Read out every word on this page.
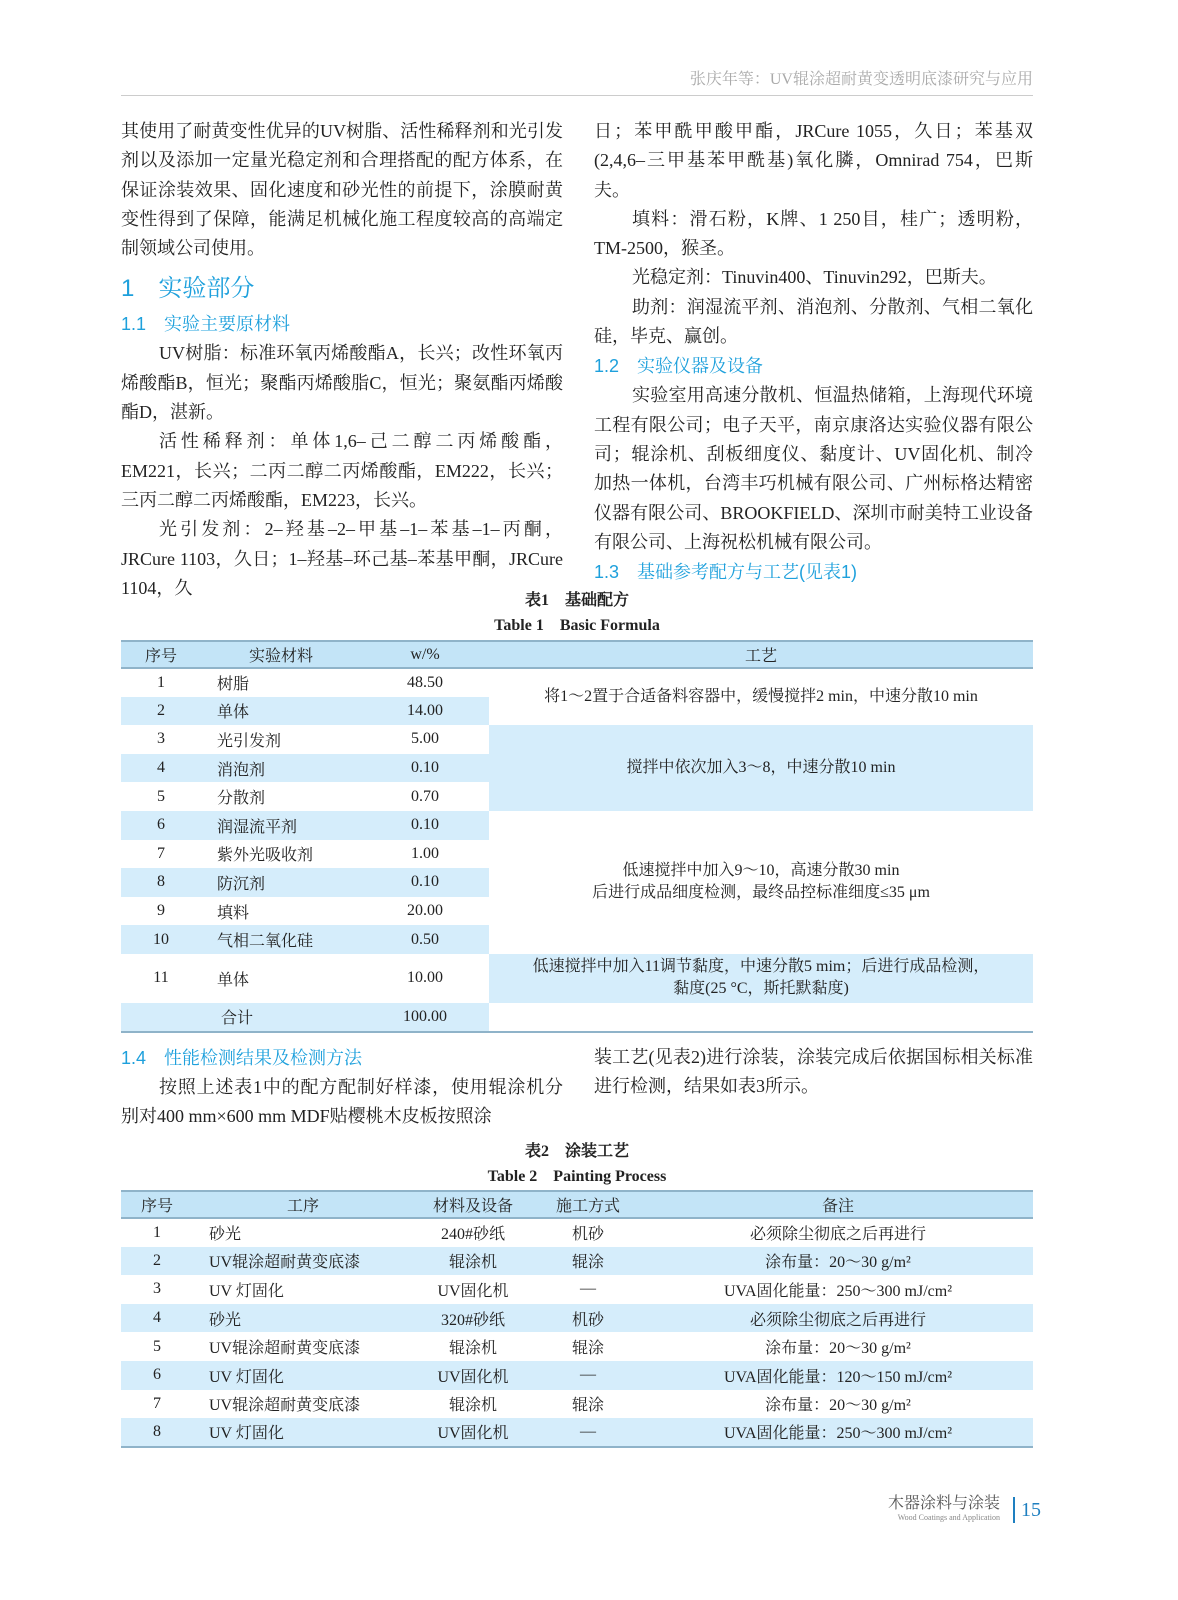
张庆年等：UV辊涂超耐黄变透明底漆研究与应用

其使用了耐黄变性优异的UV树脂、活性稀释剂和光引发剂以及添加一定量光稳定剂和合理搭配的配方体系，在保证涂装效果、固化速度和砂光性的前提下，涂膜耐黄变性得到了保障，能满足机械化施工程度较高的高端定制领域公司使用。

1　实验部分
1.1　实验主要原材料

UV树脂：标准环氧丙烯酸酯A，长兴；改性环氧丙烯酸酯B，恒光；聚酯丙烯酸脂C，恒光；聚氨酯丙烯酸酯D，湛新。

活性稀释剂：单体1,6–己二醇二丙烯酸酯，EM221，长兴；二丙二醇二丙烯酸酯，EM222，长兴；三丙二醇二丙烯酸酯，EM223，长兴。

光引发剂：2–羟基–2–甲基–1–苯基–1–丙酮，JRCure 1103，久日；1–羟基–环己基–苯基甲酮，JRCure 1104，久

日；苯甲酰甲酸甲酯，JRCure 1055，久日；苯基双(2,4,6–三甲基苯甲酰基)氧化膦，Omnirad 754，巴斯夫。

填料：滑石粉，K牌、1 250目，桂广；透明粉，TM-2500，猴圣。

光稳定剂：Tinuvin400、Tinuvin292，巴斯夫。

助剂：润湿流平剂、消泡剂、分散剂、气相二氧化硅，毕克、赢创。

1.2　实验仪器及设备

实验室用高速分散机、恒温热储箱，上海现代环境工程有限公司；电子天平，南京康洛达实验仪器有限公司；辊涂机、刮板细度仪、黏度计、UV固化机、制冷加热一体机，台湾丰巧机械有限公司、广州标格达精密仪器有限公司、BROOKFIELD、深圳市耐美特工业设备有限公司、上海祝松机械有限公司。

1.3　基础参考配方与工艺(见表1)
表1　基础配方
Table 1　Basic Formula
序号	实验材料	w/%	工艺
1	树脂	48.50	将1～2置于合适备料容器中，缓慢搅拌2 min，中速分散10 min

2	单体	14.00	
3	光引发剂	5.00	搅拌中依次加入3～8，中速分散10 min

4	消泡剂	0.10	
5	分散剂	0.70	
6	润湿流平剂	0.10	低速搅拌中加入9～10，高速分散30 min
后进行成品细度检测，最终品控标准细度≤35 μm

7	紫外光吸收剂	1.00	
8	防沉剂	0.10	
9	填料	20.00	
10	气相二氧化硅	0.50	
11	单体	10.00	低速搅拌中加入11调节黏度，中速分散5 mim；后进行成品检测，
黏度(25 °C，斯托默黏度)

	合计	100.00	
1.4　性能检测结果及检测方法

按照上述表1中的配方配制好样漆，使用辊涂机分别对400 mm×600 mm MDF贴樱桃木皮板按照涂

装工艺(见表2)进行涂装，涂装完成后依据国标相关标准进行检测，结果如表3所示。

表2　涂装工艺
Table 2　Painting Process
序号	工序	材料及设备	施工方式	备注
1	砂光	240#砂纸	机砂	必须除尘彻底之后再进行
2	UV辊涂超耐黄变底漆	辊涂机	辊涂	涂布量：20～30 g/m²
3	UV 灯固化	UV固化机	—	UVA固化能量：250～300 mJ/cm²
4	砂光	320#砂纸	机砂	必须除尘彻底之后再进行
5	UV辊涂超耐黄变底漆	辊涂机	辊涂	涂布量：20～30 g/m²
6	UV 灯固化	UV固化机	—	UVA固化能量：120～150 mJ/cm²
7	UV辊涂超耐黄变底漆	辊涂机	辊涂	涂布量：20～30 g/m²
8	UV 灯固化	UV固化机	—	UVA固化能量：250～300 mJ/cm²
木器涂料与涂装
Wood Coatings and Application	15
